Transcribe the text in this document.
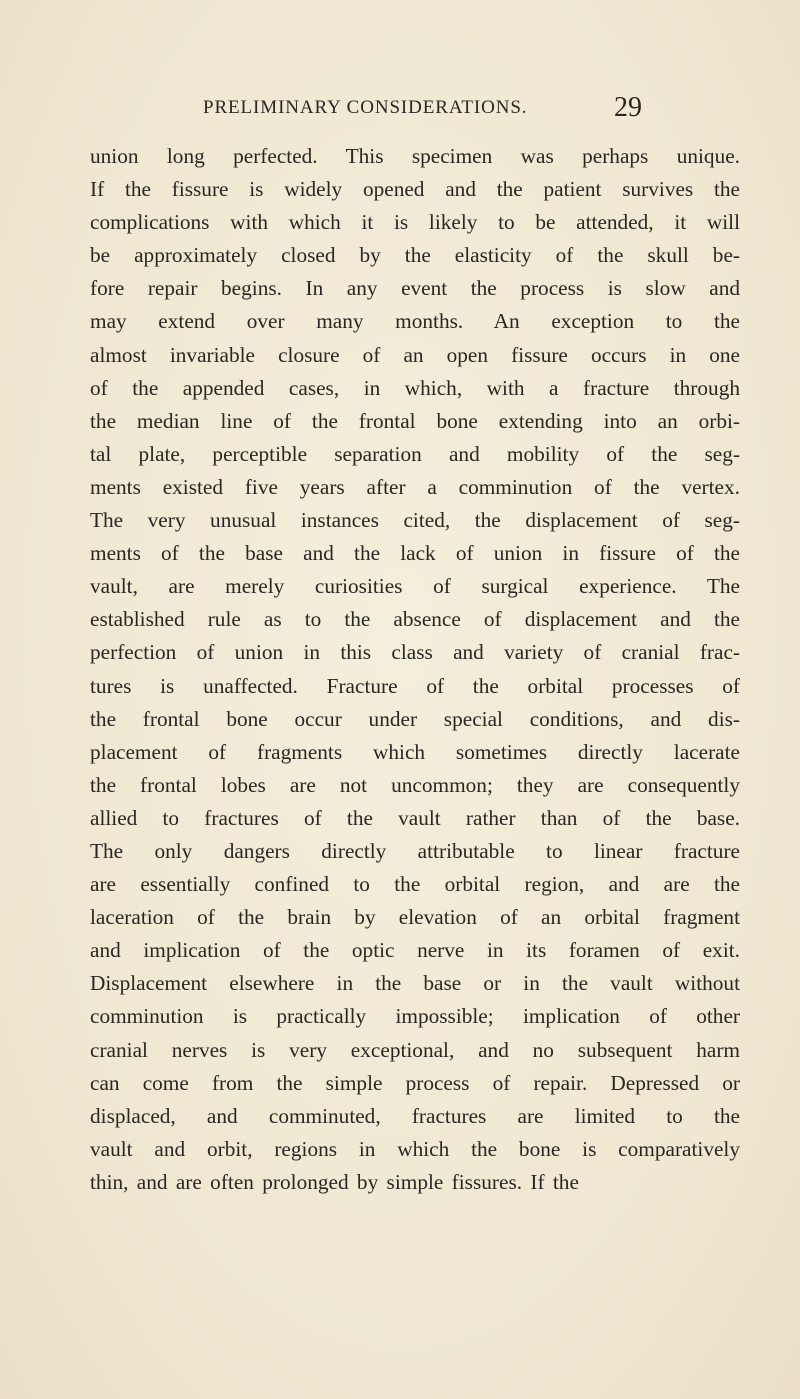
PRELIMINARY CONSIDERATIONS.	29
union long perfected. This specimen was perhaps unique.
If the fissure is widely opened and the patient survives the
complications with which it is likely to be attended, it will
be approximately closed by the elasticity of the skull be-
fore repair begins. In any event the process is slow and
may extend over many months. An exception to the
almost invariable closure of an open fissure occurs in one
of the appended cases, in which, with a fracture through
the median line of the frontal bone extending into an orbi-
tal plate, perceptible separation and mobility of the seg-
ments existed five years after a comminution of the vertex.
The very unusual instances cited, the displacement of seg-
ments of the base and the lack of union in fissure of the
vault, are merely curiosities of surgical experience. The
established rule as to the absence of displacement and the
perfection of union in this class and variety of cranial frac-
tures is unaffected. Fracture of the orbital processes of
the frontal bone occur under special conditions, and dis-
placement of fragments which sometimes directly lacerate
the frontal lobes are not uncommon; they are consequently
allied to fractures of the vault rather than of the base.
The only dangers directly attributable to linear fracture
are essentially confined to the orbital region, and are the
laceration of the brain by elevation of an orbital fragment
and implication of the optic nerve in its foramen of exit.
Displacement elsewhere in the base or in the vault without
comminution is practically impossible; implication of other
cranial nerves is very exceptional, and no subsequent harm
can come from the simple process of repair. Depressed or
displaced, and comminuted, fractures are limited to the
vault and orbit, regions in which the bone is comparatively
thin, and are often prolonged by simple fissures. If the
